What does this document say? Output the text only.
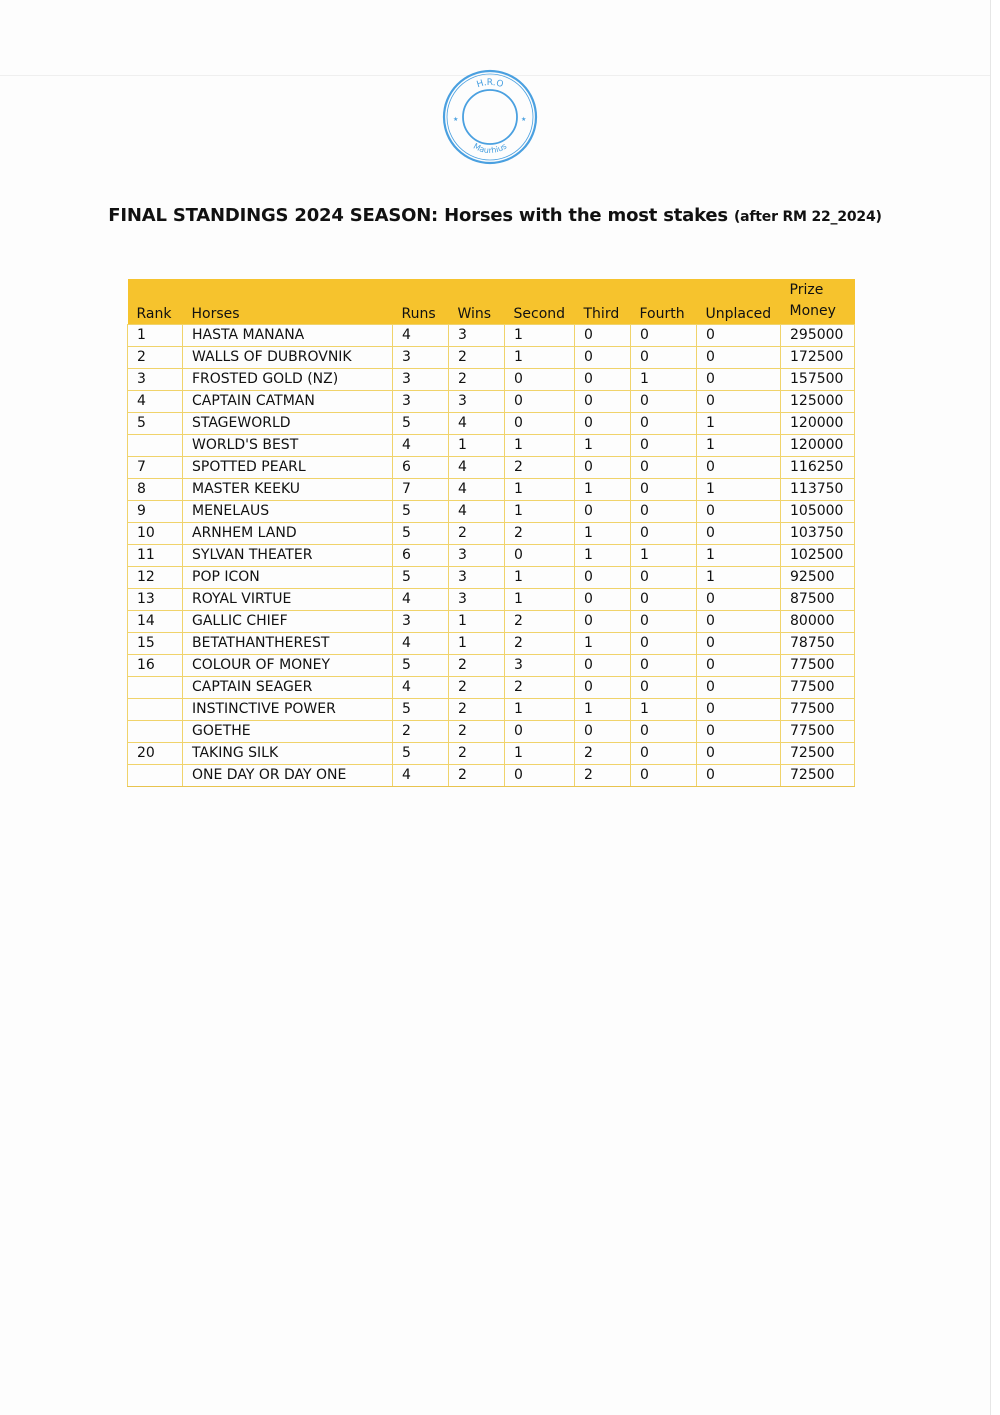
H.R.O
Maurhius
★	★
FINAL STANDINGS 2024 SEASON: Horses with the most stakes (after RM 22_2024)
Rank	Horses	Runs	Wins	Second	Third	Fourth	Unplaced	Prize
Money
1	HASTA MANANA	4	3	1	0	0	0	295000
2	WALLS OF DUBROVNIK	3	2	1	0	0	0	172500
3	FROSTED GOLD (NZ)	3	2	0	0	1	0	157500
4	CAPTAIN CATMAN	3	3	0	0	0	0	125000
5	STAGEWORLD	5	4	0	0	0	1	120000
	WORLD'S BEST	4	1	1	1	0	1	120000
7	SPOTTED PEARL	6	4	2	0	0	0	116250
8	MASTER KEEKU	7	4	1	1	0	1	113750
9	MENELAUS	5	4	1	0	0	0	105000
10	ARNHEM LAND	5	2	2	1	0	0	103750
11	SYLVAN THEATER	6	3	0	1	1	1	102500
12	POP ICON	5	3	1	0	0	1	92500
13	ROYAL VIRTUE	4	3	1	0	0	0	87500
14	GALLIC CHIEF	3	1	2	0	0	0	80000
15	BETATHANTHEREST	4	1	2	1	0	0	78750
16	COLOUR OF MONEY	5	2	3	0	0	0	77500
	CAPTAIN SEAGER	4	2	2	0	0	0	77500
	INSTINCTIVE POWER	5	2	1	1	1	0	77500
	GOETHE	2	2	0	0	0	0	77500
20	TAKING SILK	5	2	1	2	0	0	72500
	ONE DAY OR DAY ONE	4	2	0	2	0	0	72500
